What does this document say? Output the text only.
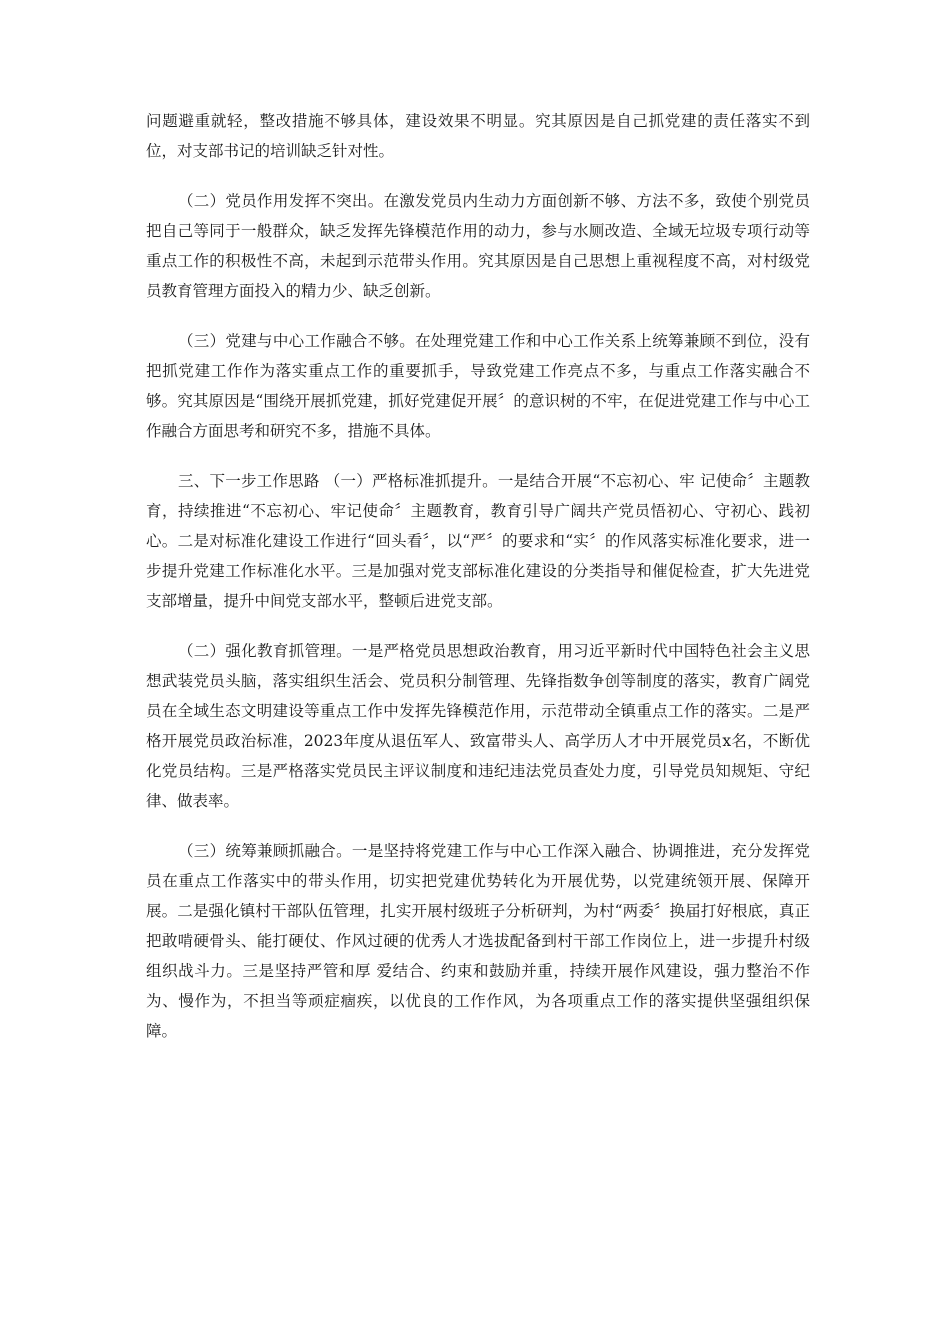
问题避重就轻，整改措施不够具体，建设效果不明显。究其原因是自己抓党建的责任落实不到位，对支部书记的培训缺乏针对性。

（二）党员作用发挥不突出。在激发党员内生动力方面创新不够、方法不多，致使个别党员把自己等同于一般群众，缺乏发挥先锋模范作用的动力，参与水厕改造、全域无垃圾专项行动等重点工作的积极性不高，未起到示范带头作用。究其原因是自己思想上重视程度不高，对村级党员教育管理方面投入的精力少、缺乏创新。

（三）党建与中心工作融合不够。在处理党建工作和中心工作关系上统筹兼顾不到位，没有把抓党建工作作为落实重点工作的重要抓手，导致党建工作亮点不多，与重点工作落实融合不够。究其原因是“围绕开展抓党建，抓好党建促开展〞的意识树的不牢，在促进党建工作与中心工作融合方面思考和研究不多，措施不具体。

三、下一步工作思路 （一）严格标准抓提升。一是结合开展“不忘初心、牢 记使命〞主题教育，持续推进“不忘初心、牢记使命〞主题教育，教育引导广阔共产党员悟初心、守初心、践初心。二是对标准化建设工作进行“回头看〞，以“严〞的要求和“实〞的作风落实标准化要求，进一步提升党建工作标准化水平。三是加强对党支部标准化建设的分类指导和催促检查，扩大先进党支部增量，提升中间党支部水平，整顿后进党支部。

（二）强化教育抓管理。一是严格党员思想政治教育，用习近平新时代中国特色社会主义思想武装党员头脑，落实组织生活会、党员积分制管理、先锋指数争创等制度的落实，教育广阔党员在全域生态文明建设等重点工作中发挥先锋模范作用，示范带动全镇重点工作的落实。二是严格开展党员政治标准，2023年度从退伍军人、致富带头人、高学历人才中开展党员x名，不断优化党员结构。三是严格落实党员民主评议制度和违纪违法党员查处力度，引导党员知规矩、守纪律、做表率。

（三）统筹兼顾抓融合。一是坚持将党建工作与中心工作深入融合、协调推进，充分发挥党员在重点工作落实中的带头作用，切实把党建优势转化为开展优势，以党建统领开展、保障开展。二是强化镇村干部队伍管理，扎实开展村级班子分析研判，为村“两委〞换届打好根底，真正把敢啃硬骨头、能打硬仗、作风过硬的优秀人才选拔配备到村干部工作岗位上，进一步提升村级组织战斗力。三是坚持严管和厚 爱结合、约束和鼓励并重，持续开展作风建设，强力整治不作为、慢作为，不担当等顽症痼疾，以优良的工作作风，为各项重点工作的落实提供坚强组织保障。
